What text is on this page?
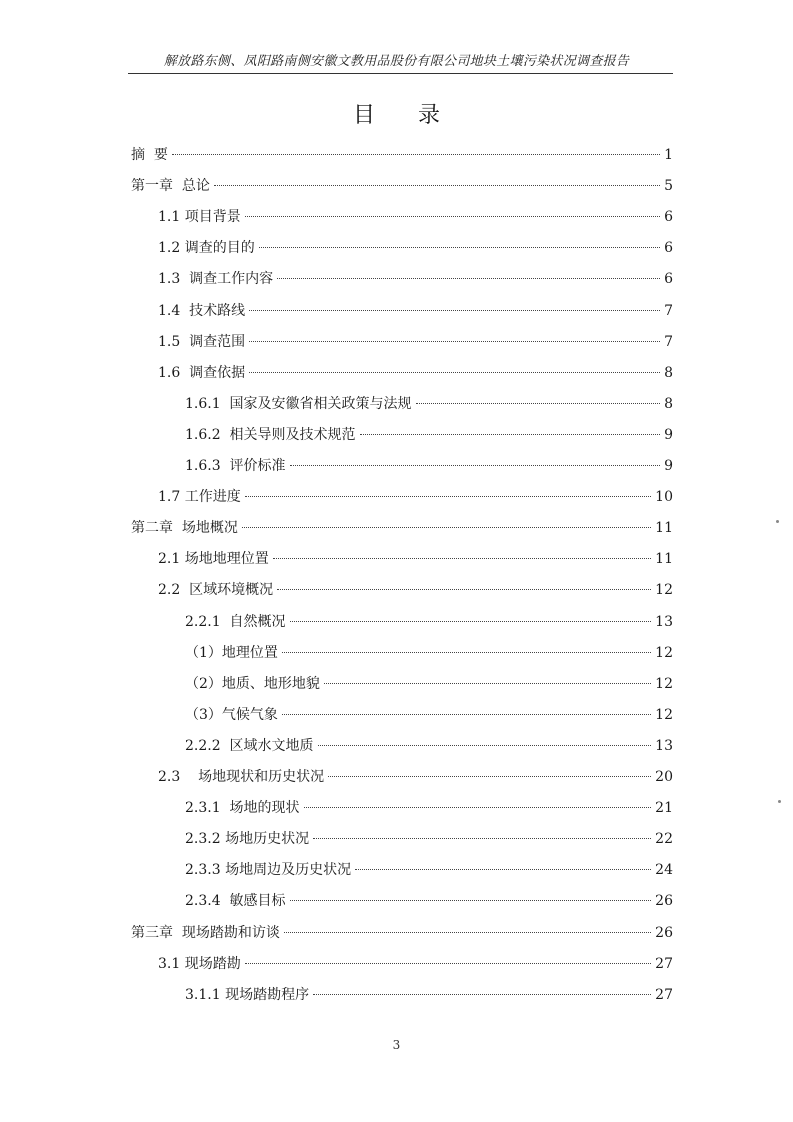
解放路东侧、凤阳路南侧安徽文教用品股份有限公司地块土壤污染状况调查报告
目 录
摘  要	1
第一章  总论	5
1.1 项目背景	6
1.2 调查的目的	6
1.3  调查工作内容	6
1.4  技术路线	7
1.5  调查范围	7
1.6  调查依据	8
1.6.1  国家及安徽省相关政策与法规	8
1.6.2  相关导则及技术规范	9
1.6.3  评价标准	9
1.7 工作进度	10
第二章  场地概况	11
2.1 场地地理位置	11
2.2  区域环境概况	12
2.2.1  自然概况	13
（1）地理位置	12
（2）地质、地形地貌	12
（3）气候气象	12
2.2.2  区域水文地质	13
2.3    场地现状和历史状况	20
2.3.1  场地的现状	21
2.3.2 场地历史状况	22
2.3.3 场地周边及历史状况	24
2.3.4  敏感目标	26
第三章  现场踏勘和访谈	26
3.1 现场踏勘	27
3.1.1 现场踏勘程序	27
3
